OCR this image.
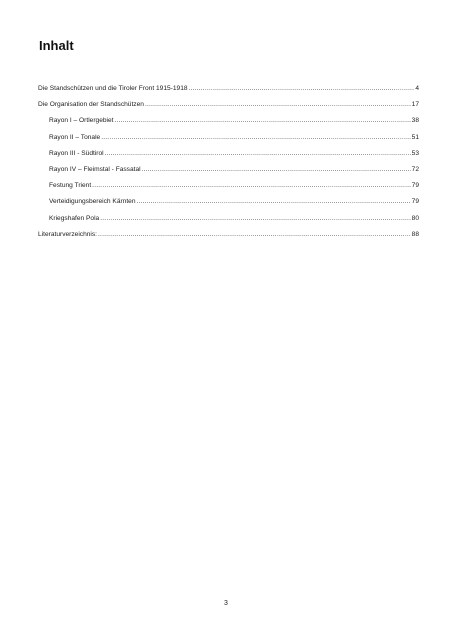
Inhalt
Die Standschützen und die Tiroler Front 1915-1918 .....	4
Die Organisation der Standschützen .....	17
Rayon I – Ortlergebiet .....	38
Rayon II – Tonale .....	51
Rayon III - Südtirol .....	53
Rayon IV – Fleimstal - Fassatal .....	72
Festung Trient .....	79
Verteidigungsbereich Kärnten .....	79
Kriegshafen Pola .....	80
Literaturverzeichnis: .....	88
3
